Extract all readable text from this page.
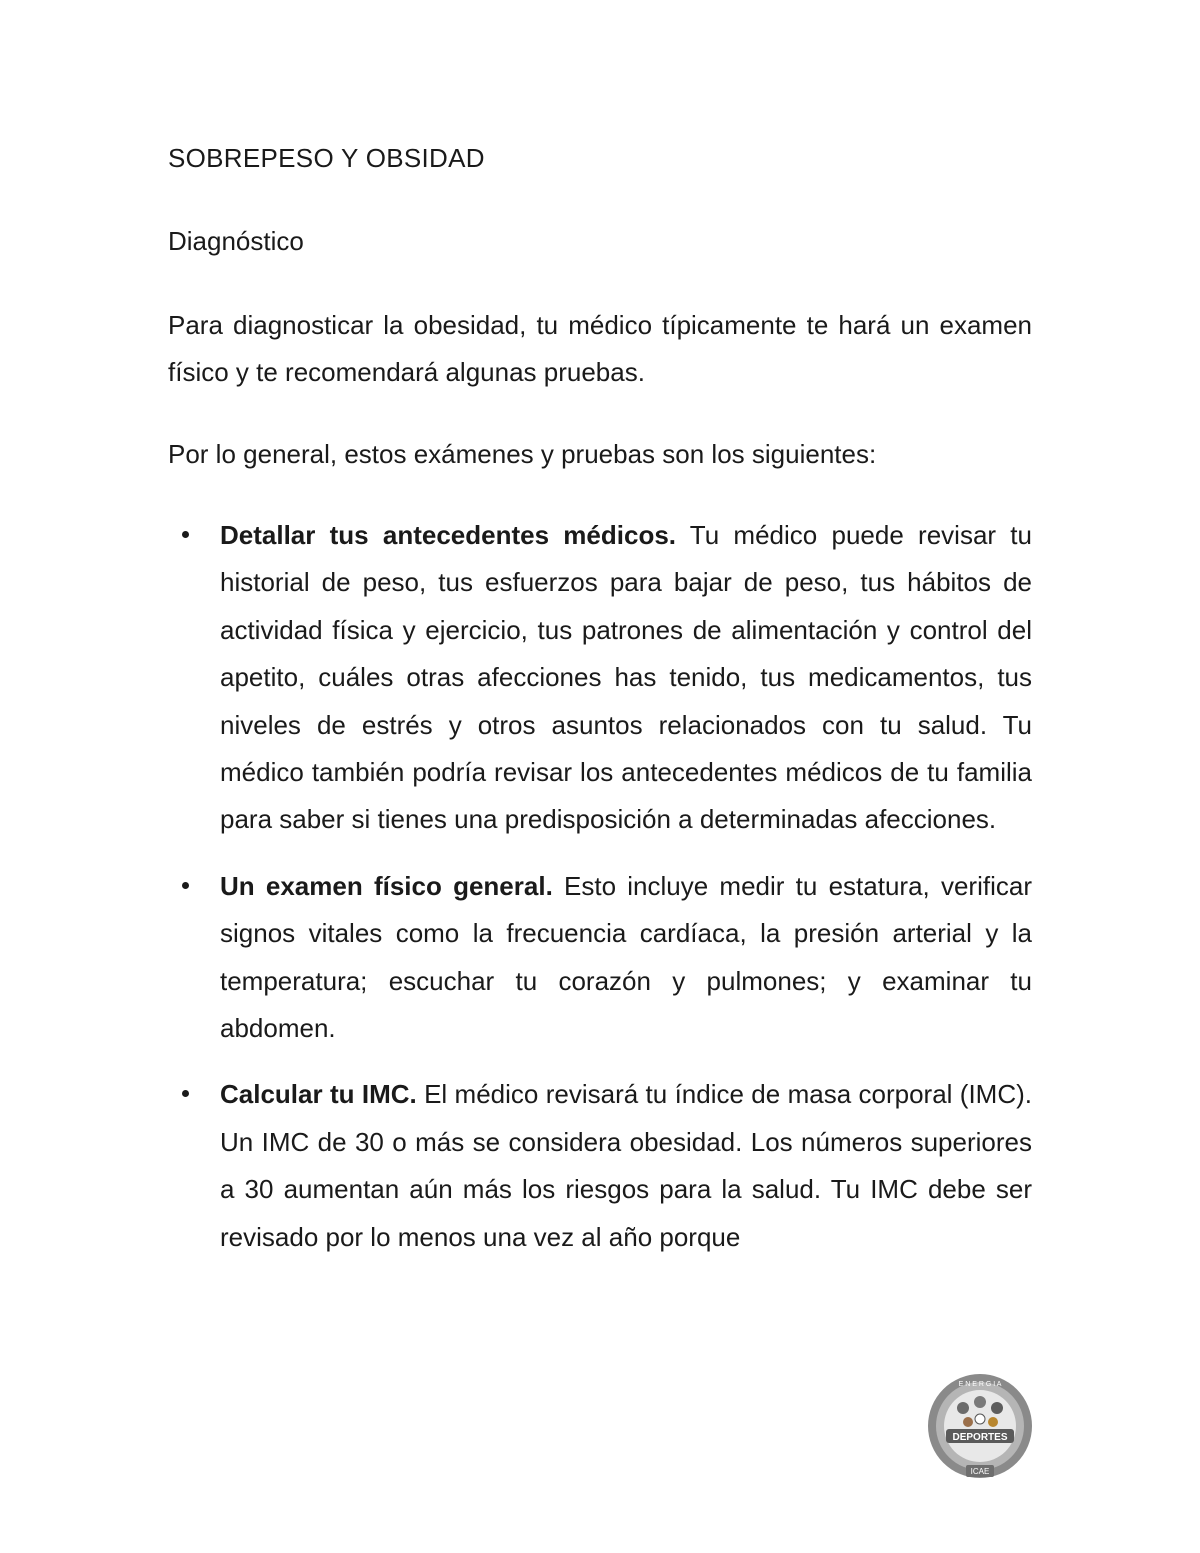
SOBREPESO Y OBSIDAD
Diagnóstico

Para diagnosticar la obesidad, tu médico típicamente te hará un examen físico y te recomendará algunas pruebas.

Por lo general, estos exámenes y pruebas son los siguientes:

Detallar tus antecedentes médicos. Tu médico puede revisar tu historial de peso, tus esfuerzos para bajar de peso, tus hábitos de actividad física y ejercicio, tus patrones de alimentación y control del apetito, cuáles otras afecciones has tenido, tus medicamentos, tus niveles de estrés y otros asuntos relacionados con tu salud. Tu médico también podría revisar los antecedentes médicos de tu familia para saber si tienes una predisposición a determinadas afecciones.
Un examen físico general. Esto incluye medir tu estatura, verificar signos vitales como la frecuencia cardíaca, la presión arterial y la temperatura; escuchar tu corazón y pulmones; y examinar tu abdomen.
Calcular tu IMC. El médico revisará tu índice de masa corporal (IMC). Un IMC de 30 o más se considera obesidad. Los números superiores a 30 aumentan aún más los riesgos para la salud. Tu IMC debe ser revisado por lo menos una vez al año porque
DEPORTES
E N E R G I A
ICAE
